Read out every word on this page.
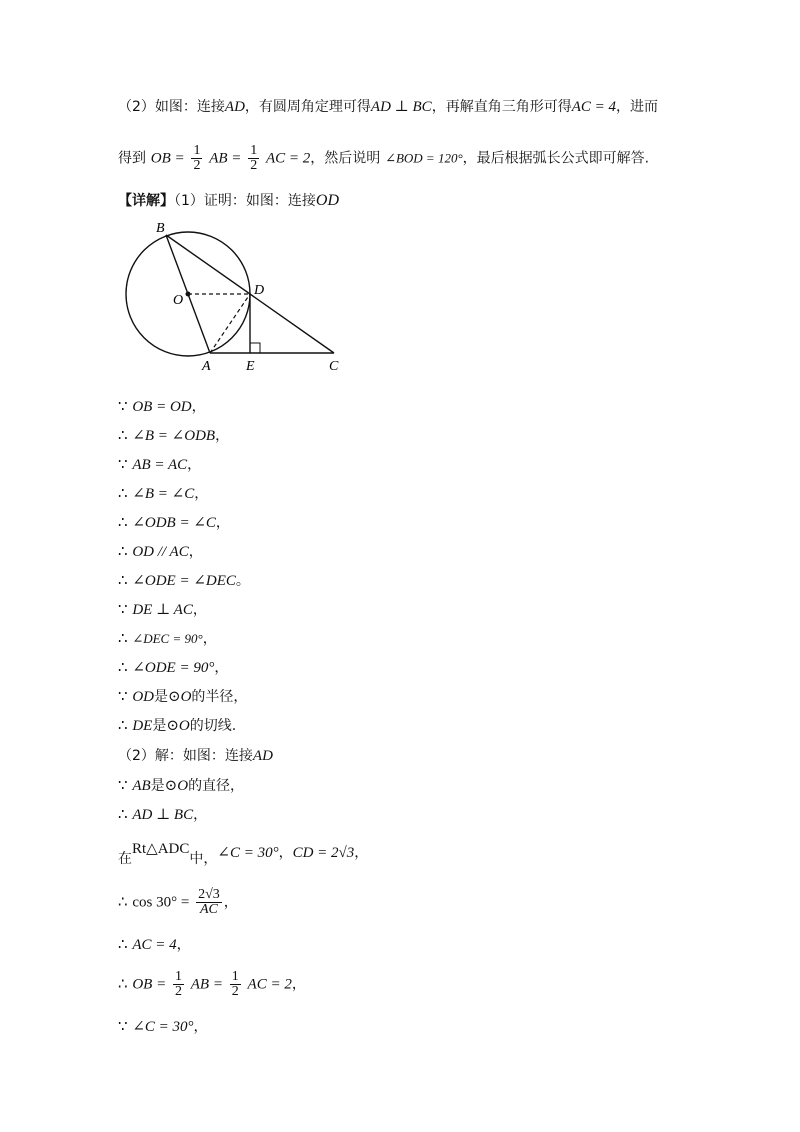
（2）如图：连接AD，有圆周角定理可得AD ⊥ BC，再解直角三角形可得AC = 4，进而
得到 OB = $\frac{1}{2}$ AB = $\frac{1}{2}$ AC = 2，然后说明 ∠BOD = 120°，最后根据弧长公式即可解答.
【详解】（1）证明：如图：连接OD
B
O
D
A	E	C
∵ OB = OD，
∴ ∠B = ∠ODB，
∵ AB = AC，
∴ ∠B = ∠C，
∴ ∠ODB = ∠C，
∴ OD // AC，
∴ ∠ODE = ∠DEC。
∵ DE ⊥ AC，
∴ ∠DEC = 90°，
∴ ∠ODE = 90°，
∵ OD是⊙O的半径，
∴ DE是⊙O的切线.
（2）解：如图：连接AD
∵ AB是⊙O的直径，
∴ AD ⊥ BC，
在Rt△ADC中，∠C = 30°，CD = 2√3，
∴ $\cos 30^\circ = \frac{2√3}{AC}$ ，
∴ AC = 4，
∴ OB = $\frac{1}{2}$ AB = $\frac{1}{2}$ AC = 2，
∵ ∠C = 30°，
